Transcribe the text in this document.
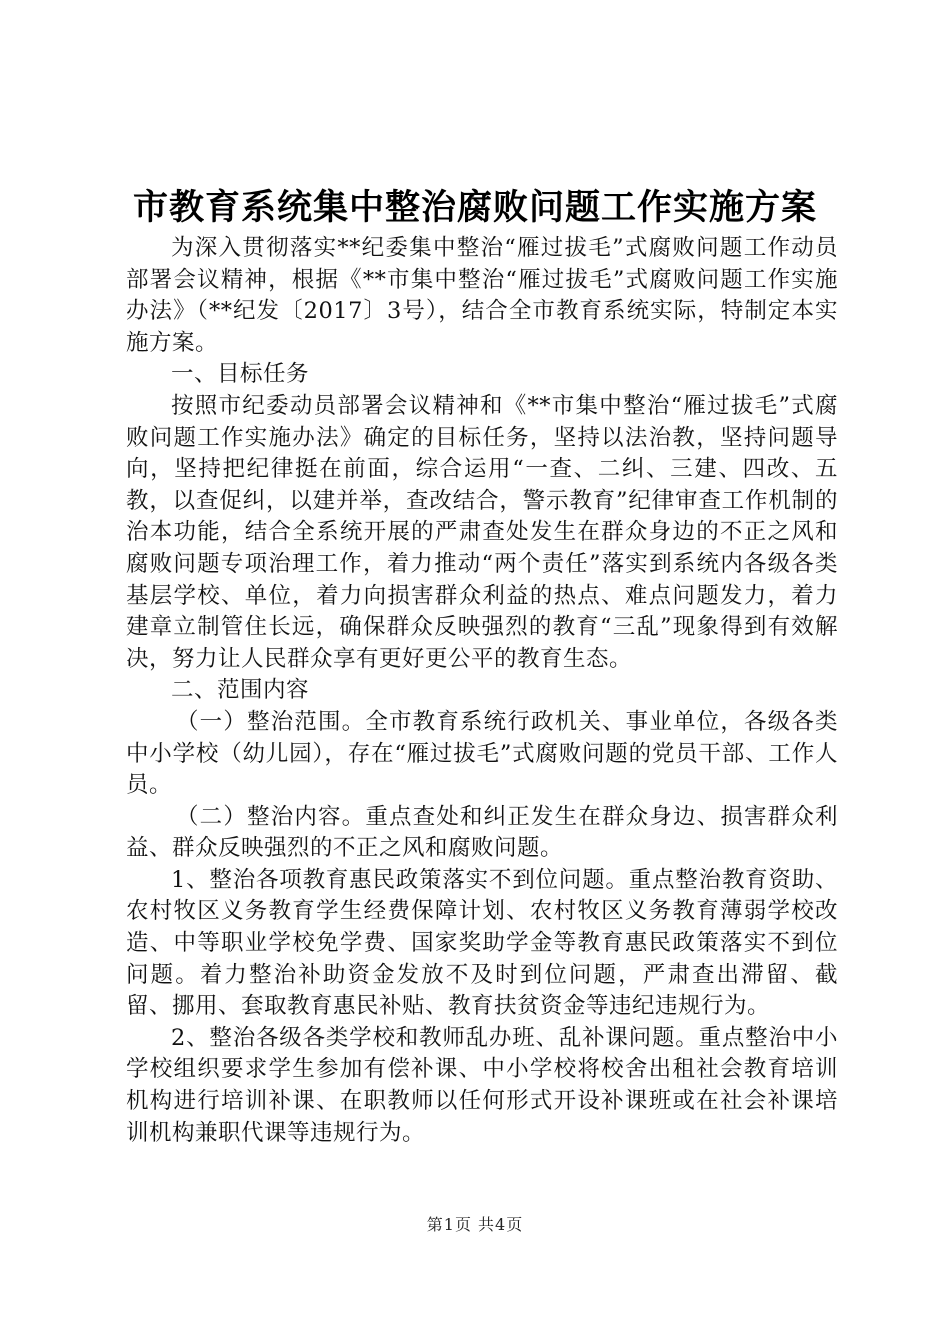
市教育系统集中整治腐败问题工作实施方案

为深入贯彻落实**纪委集中整治“雁过拔毛”式腐败问题工作动员部署会议精神，根据《**市集中整治“雁过拔毛”式腐败问题工作实施办法》（**纪发〔2017〕3号），结合全市教育系统实际，特制定本实施方案。

一、目标任务

按照市纪委动员部署会议精神和《**市集中整治“雁过拔毛”式腐败问题工作实施办法》确定的目标任务，坚持以法治教，坚持问题导向，坚持把纪律挺在前面，综合运用“一查、二纠、三建、四改、五教，以查促纠，以建并举，查改结合，警示教育”纪律审查工作机制的治本功能，结合全系统开展的严肃查处发生在群众身边的不正之风和腐败问题专项治理工作，着力推动“两个责任”落实到系统内各级各类基层学校、单位，着力向损害群众利益的热点、难点问题发力，着力建章立制管住长远，确保群众反映强烈的教育“三乱”现象得到有效解决，努力让人民群众享有更好更公平的教育生态。

二、范围内容

（一）整治范围。全市教育系统行政机关、事业单位，各级各类中小学校（幼儿园），存在“雁过拔毛”式腐败问题的党员干部、工作人员。

（二）整治内容。重点查处和纠正发生在群众身边、损害群众利益、群众反映强烈的不正之风和腐败问题。

1、整治各项教育惠民政策落实不到位问题。重点整治教育资助、农村牧区义务教育学生经费保障计划、农村牧区义务教育薄弱学校改造、中等职业学校免学费、国家奖助学金等教育惠民政策落实不到位问题。着力整治补助资金发放不及时到位问题，严肃查出滞留、截留、挪用、套取教育惠民补贴、教育扶贫资金等违纪违规行为。

2、整治各级各类学校和教师乱办班、乱补课问题。重点整治中小学校组织要求学生参加有偿补课、中小学校将校舍出租社会教育培训机构进行培训补课、在职教师以任何形式开设补课班或在社会补课培训机构兼职代课等违规行为。

第1页 共4页
